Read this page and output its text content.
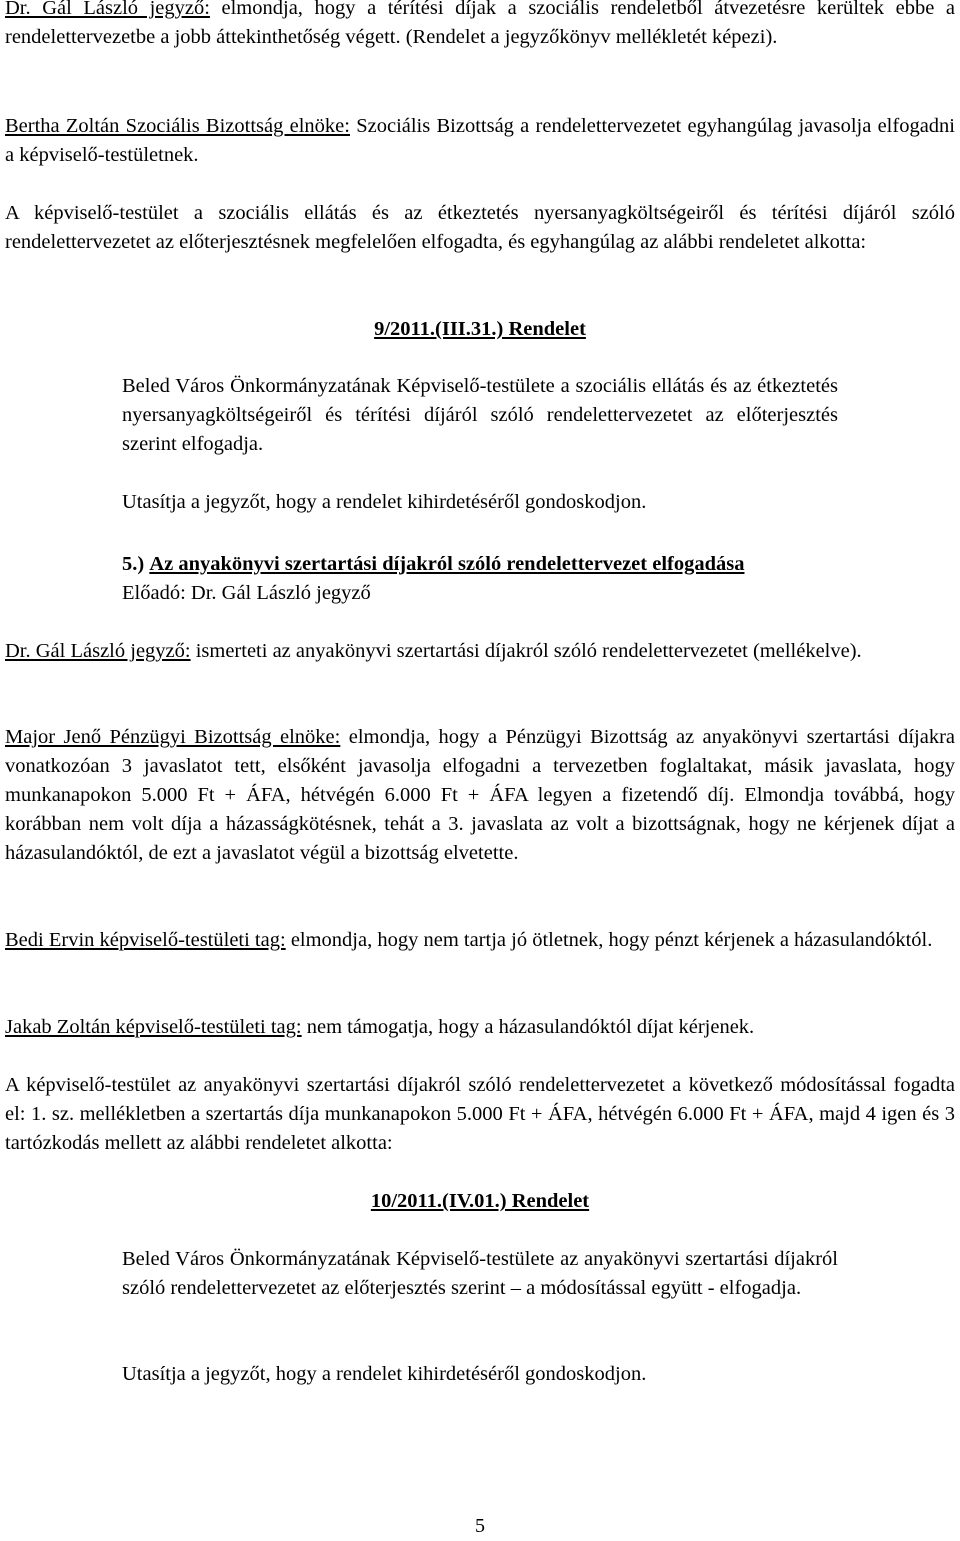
Dr. Gál László jegyző: elmondja, hogy a térítési díjak a szociális rendeletből átvezetésre kerültek ebbe a rendelettervezetbe a jobb áttekinthetőség végett. (Rendelet a jegyzőkönyv mellékletét képezi).

Bertha Zoltán Szociális Bizottság elnöke: Szociális Bizottság a rendelettervezetet egyhangúlag javasolja elfogadni a képviselő-testületnek.

A képviselő-testület a szociális ellátás és az étkeztetés nyersanyagköltségeiről és térítési díjáról szóló rendelettervezetet az előterjesztésnek megfelelően elfogadta, és egyhangúlag az alábbi rendeletet alkotta:

9/2011.(III.31.) Rendelet

Beled Város Önkormányzatának Képviselő-testülete a szociális ellátás és az étkeztetés nyersanyagköltségeiről és térítési díjáról szóló rendelettervezetet az előterjesztés szerint elfogadja.

Utasítja a jegyzőt, hogy a rendelet kihirdetéséről gondoskodjon.

5.) Az anyakönyvi szertartási díjakról szóló rendelettervezet elfogadása

Előadó: Dr. Gál László jegyző

Dr. Gál László jegyző: ismerteti az anyakönyvi szertartási díjakról szóló rendelettervezetet (mellékelve).

Major Jenő Pénzügyi Bizottság elnöke: elmondja, hogy a Pénzügyi Bizottság az anyakönyvi szertartási díjakra vonatkozóan 3 javaslatot tett, elsőként javasolja elfogadni a tervezetben foglaltakat, másik javaslata, hogy munkanapokon 5.000 Ft + ÁFA, hétvégén 6.000 Ft + ÁFA legyen a fizetendő díj. Elmondja továbbá, hogy korábban nem volt díja a házasságkötésnek, tehát a 3. javaslata az volt a bizottságnak, hogy ne kérjenek díjat a házasulandóktól, de ezt a javaslatot végül a bizottság elvetette.

Bedi Ervin képviselő-testületi tag: elmondja, hogy nem tartja jó ötletnek, hogy pénzt kérjenek a házasulandóktól.

Jakab Zoltán képviselő-testületi tag: nem támogatja, hogy a házasulandóktól díjat kérjenek.

A képviselő-testület az anyakönyvi szertartási díjakról szóló rendelettervezetet a következő módosítással fogadta el: 1. sz. mellékletben a szertartás díja munkanapokon 5.000 Ft + ÁFA, hétvégén 6.000 Ft + ÁFA, majd 4 igen és 3 tartózkodás mellett az alábbi rendeletet alkotta:

10/2011.(IV.01.) Rendelet

Beled Város Önkormányzatának Képviselő-testülete az anyakönyvi szertartási díjakról szóló rendelettervezetet az előterjesztés szerint – a módosítással együtt - elfogadja.

Utasítja a jegyzőt, hogy a rendelet kihirdetéséről gondoskodjon.

5
